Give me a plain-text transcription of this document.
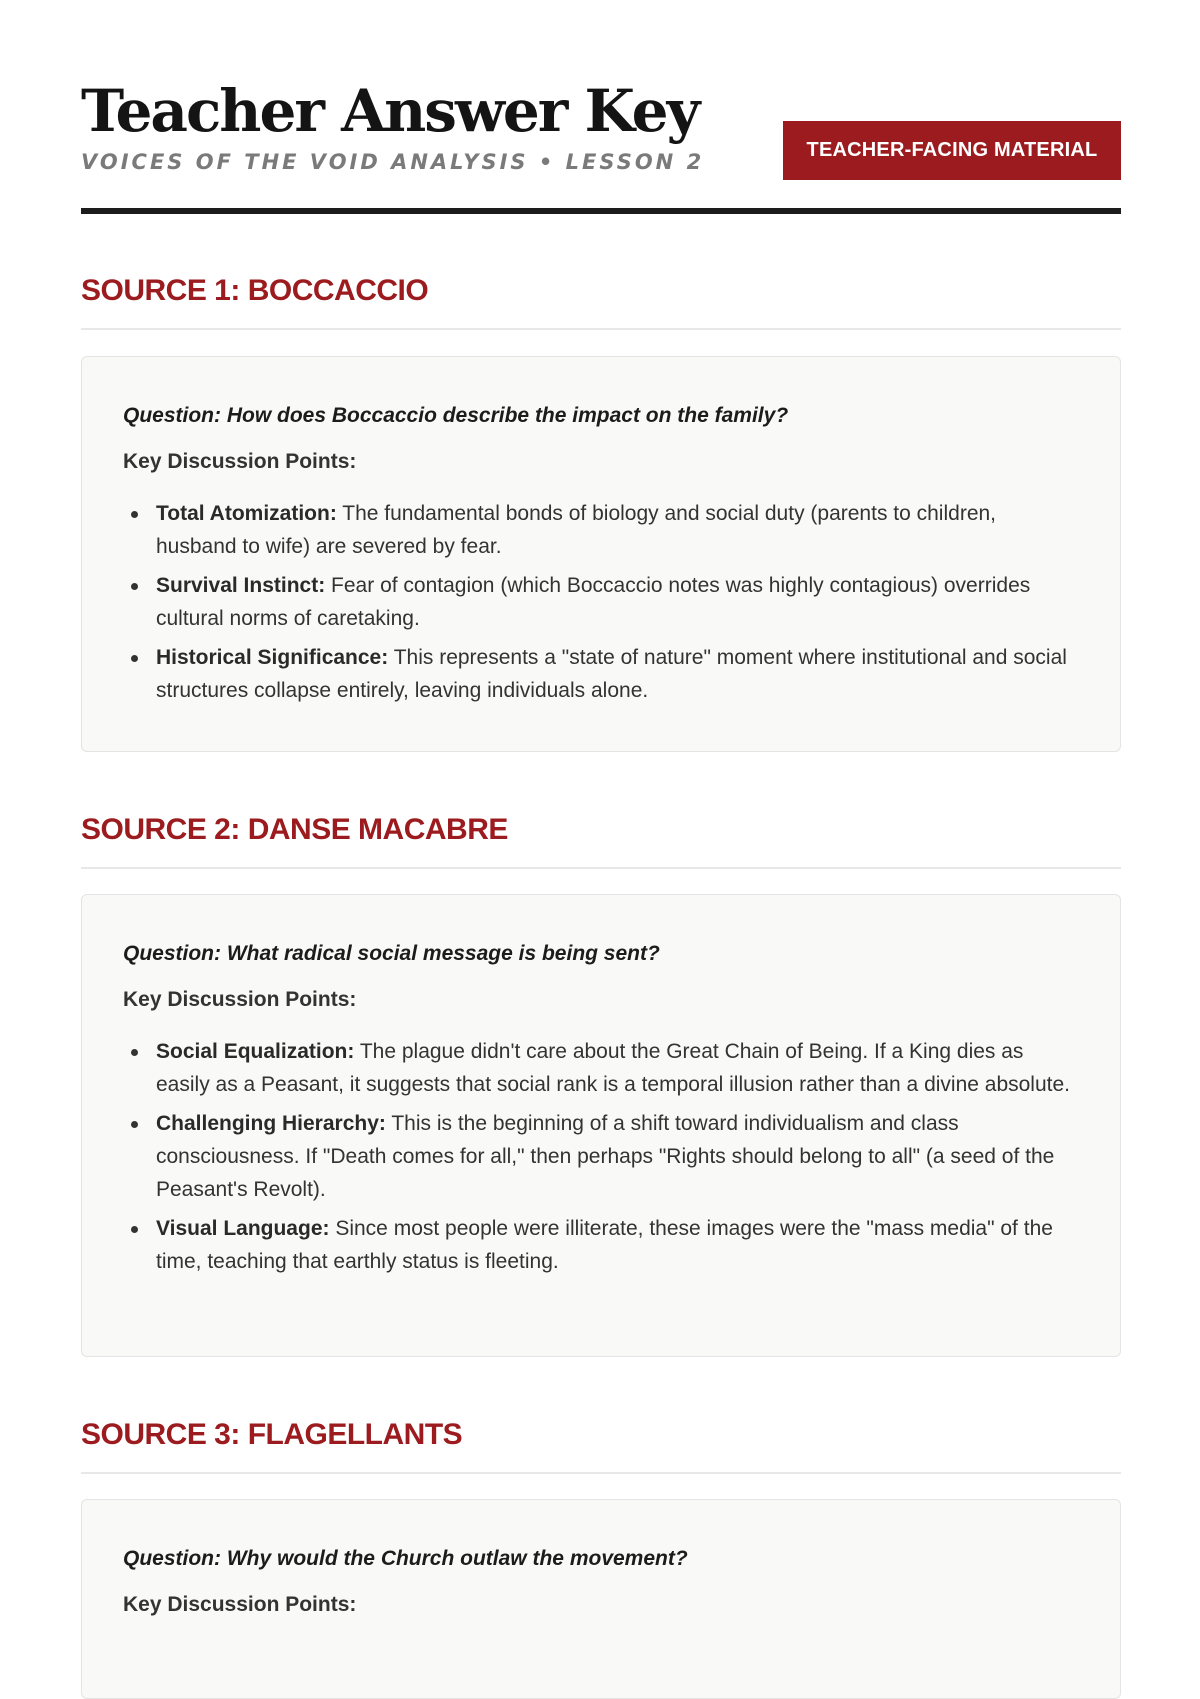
Teacher Answer Key
VOICES OF THE VOID ANALYSIS • LESSON 2	TEACHER-FACING MATERIAL
SOURCE 1: BOCCACCIO
Question: How does Boccaccio describe the impact on the family?
Key Discussion Points:
Total Atomization: The fundamental bonds of biology and social duty (parents to children, husband to wife) are severed by fear.
Survival Instinct: Fear of contagion (which Boccaccio notes was highly contagious) overrides cultural norms of caretaking.
Historical Significance: This represents a "state of nature" moment where institutional and social structures collapse entirely, leaving individuals alone.
SOURCE 2: DANSE MACABRE
Question: What radical social message is being sent?
Key Discussion Points:
Social Equalization: The plague didn't care about the Great Chain of Being. If a King dies as easily as a Peasant, it suggests that social rank is a temporal illusion rather than a divine absolute.
Challenging Hierarchy: This is the beginning of a shift toward individualism and class consciousness. If "Death comes for all," then perhaps "Rights should belong to all" (a seed of the Peasant's Revolt).
Visual Language: Since most people were illiterate, these images were the "mass media" of the time, teaching that earthly status is fleeting.
SOURCE 3: FLAGELLANTS
Question: Why would the Church outlaw the movement?
Key Discussion Points:
